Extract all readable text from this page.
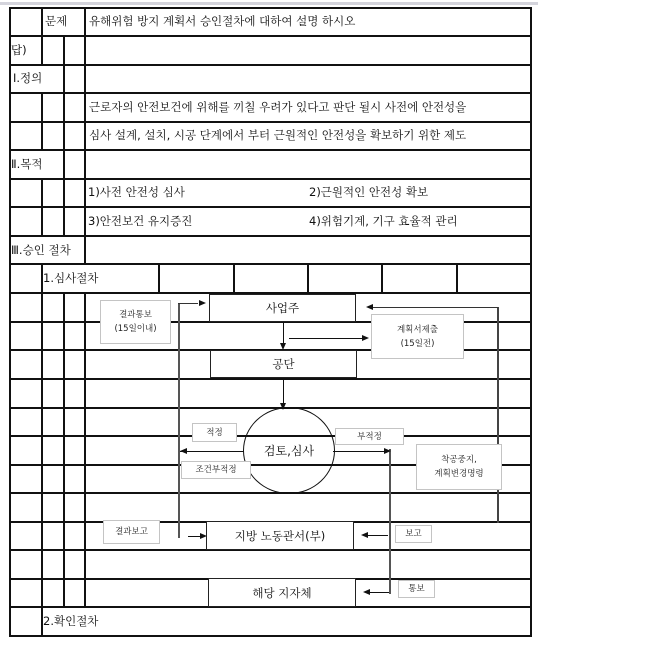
문제 유해위험 방지 계획서 승인절차에 대하여 설명 하시오
답)
Ⅰ.정의
근로자의 안전보건에 위해를 끼칠 우려가 있다고 판단 될시 사전에 안전성을
심사 설계, 설치, 시공 단계에서 부터 근원적인 안전성을 확보하기 위한 제도
Ⅱ.목적
1)사전 안전성 심사	2)근원적인 안전성 확보
3)안전보건 유지증진	4)위험기계, 기구 효율적 관리
Ⅲ.승인 절차
1.심사절차
2.확인절차
사업주
공단
검토,심사
지방 노동관서(부)
해당 지자체
결과통보
(15일이내)	계획서제출
(15일전)
적정
조건부적정
부적정
착공중지,
계획변경명령
결과보고	보고
통보
